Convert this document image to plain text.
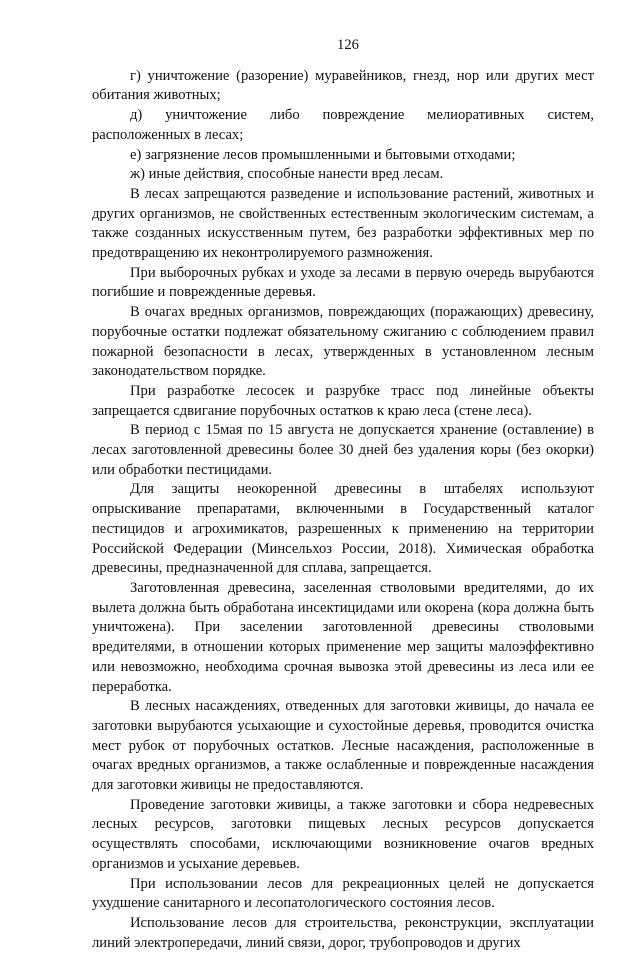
126

г) уничтожение (разорение) муравейников, гнезд, нор или других мест обитания животных;

д) уничтожение либо повреждение мелиоративных систем, расположенных в лесах;

е) загрязнение лесов промышленными и бытовыми отходами;

ж) иные действия, способные нанести вред лесам.

В лесах запрещаются разведение и использование растений, животных и других организмов, не свойственных естественным экологическим системам, а также созданных искусственным путем, без разработки эффективных мер по предотвращению их неконтролируемого размножения.

При выборочных рубках и уходе за лесами в первую очередь вырубаются погибшие и поврежденные деревья.

В очагах вредных организмов, повреждающих (поражающих) древесину, порубочные остатки подлежат обязательному сжиганию с соблюдением правил пожарной безопасности в лесах, утвержденных в установленном лесным законодательством порядке.

При разработке лесосек и разрубке трасс под линейные объекты запрещается сдвигание порубочных остатков к краю леса (стене леса).

В период с 15мая по 15 августа не допускается хранение (оставление) в лесах заготовленной древесины более 30 дней без удаления коры (без окорки) или обработки пестицидами.

Для защиты неокоренной древесины в штабелях используют опрыскивание препаратами, включенными в Государственный каталог пестицидов и агрохимикатов, разрешенных к применению на территории Российской Федерации (Минсельхоз России, 2018). Химическая обработка древесины, предназначенной для сплава, запрещается.

Заготовленная древесина, заселенная стволовыми вредителями, до их вылета должна быть обработана инсектицидами или окорена (кора должна быть уничтожена). При заселении заготовленной древесины стволовыми вредителями, в отношении которых применение мер защиты малоэффективно или невозможно, необходима срочная вывозка этой древесины из леса или ее переработка.

В лесных насаждениях, отведенных для заготовки живицы, до начала ее заготовки вырубаются усыхающие и сухостойные деревья, проводится очистка мест рубок от порубочных остатков. Лесные насаждения, расположенные в очагах вредных организмов, а также ослабленные и поврежденные насаждения для заготовки живицы не предоставляются.

Проведение заготовки живицы, а также заготовки и сбора недревесных лесных ресурсов, заготовки пищевых лесных ресурсов допускается осуществлять способами, исключающими возникновение очагов вредных организмов и усыхание деревьев.

При использовании лесов для рекреационных целей не допускается ухудшение санитарного и лесопатологического состояния лесов.

Использование лесов для строительства, реконструкции, эксплуатации линий электропередачи, линий связи, дорог, трубопроводов и других
